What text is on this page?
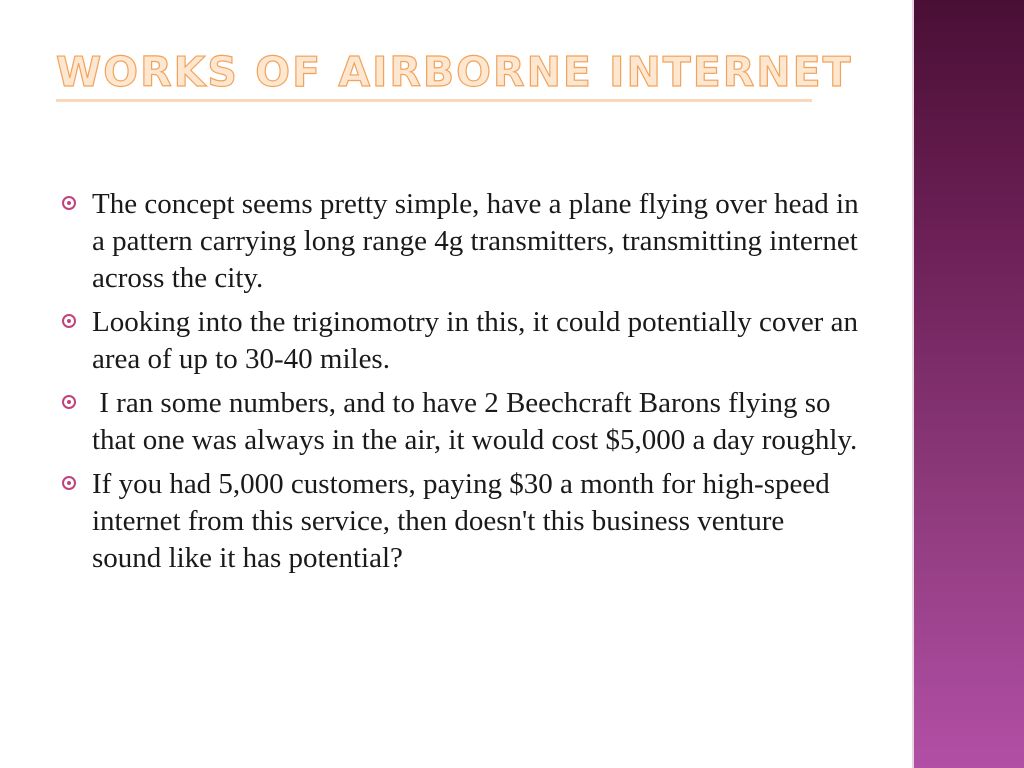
WORKS OF AIRBORNE INTERNET
The concept seems pretty simple, have a plane flying over head in a pattern carrying long range 4g transmitters, transmitting internet across the city.
Looking into the triginomotry in this, it could potentially cover an area of up to 30-40 miles.
I ran some numbers, and to have 2 Beechcraft Barons flying so that one was always in the air, it would cost $5,000 a day roughly.
If you had 5,000 customers, paying $30 a month for high-speed internet from this service, then doesn't this business venture sound like it has potential?
